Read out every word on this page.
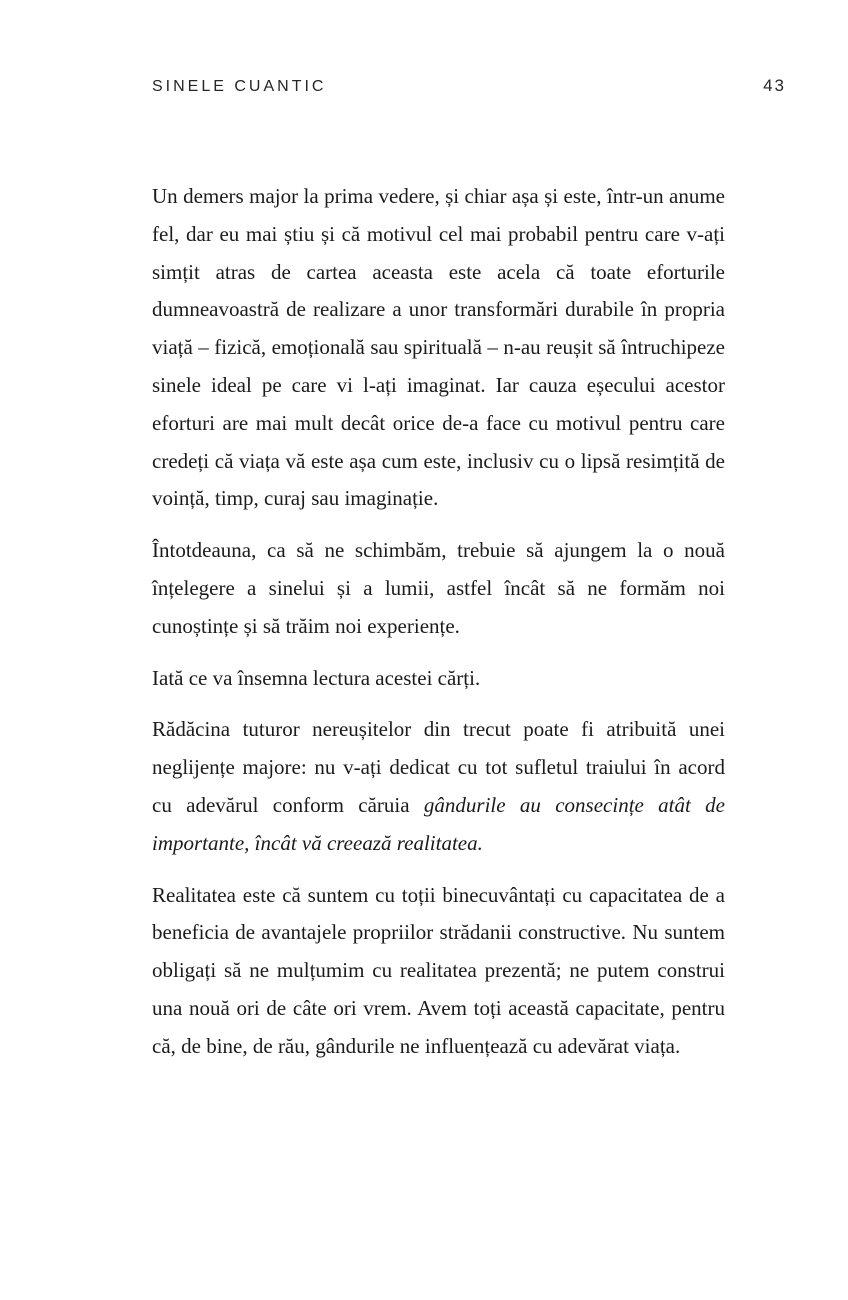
SINELE CUANTIC	43

Un demers major la prima vedere, și chiar așa și este, într-un anume fel, dar eu mai știu și că motivul cel mai probabil pentru care v-ați simțit atras de cartea aceasta este acela că toate eforturile dumneavoastră de realizare a unor transformări durabile în propria viață – fizică, emoțională sau spirituală – n-au reușit să întruchipeze sinele ideal pe care vi l-ați imaginat. Iar cauza eșecului acestor eforturi are mai mult decât orice de-a face cu motivul pentru care credeți că viața vă este așa cum este, inclusiv cu o lipsă resimțită de voință, timp, curaj sau imaginație.

Întotdeauna, ca să ne schimbăm, trebuie să ajungem la o nouă înțelegere a sinelui și a lumii, astfel încât să ne formăm noi cunoștințe și să trăim noi experiențe.

Iată ce va însemna lectura acestei cărți.

Rădăcina tuturor nereușitelor din trecut poate fi atribuită unei neglijențe majore: nu v-ați dedicat cu tot sufletul traiului în acord cu adevărul conform căruia gândurile au consecințe atât de importante, încât vă creează realitatea.

Realitatea este că suntem cu toții binecuvântați cu capacitatea de a beneficia de avantajele propriilor strădanii constructive. Nu suntem obligați să ne mulțumim cu realitatea prezentă; ne putem construi una nouă ori de câte ori vrem. Avem toți această capacitate, pentru că, de bine, de rău, gândurile ne influențează cu adevărat viața.
